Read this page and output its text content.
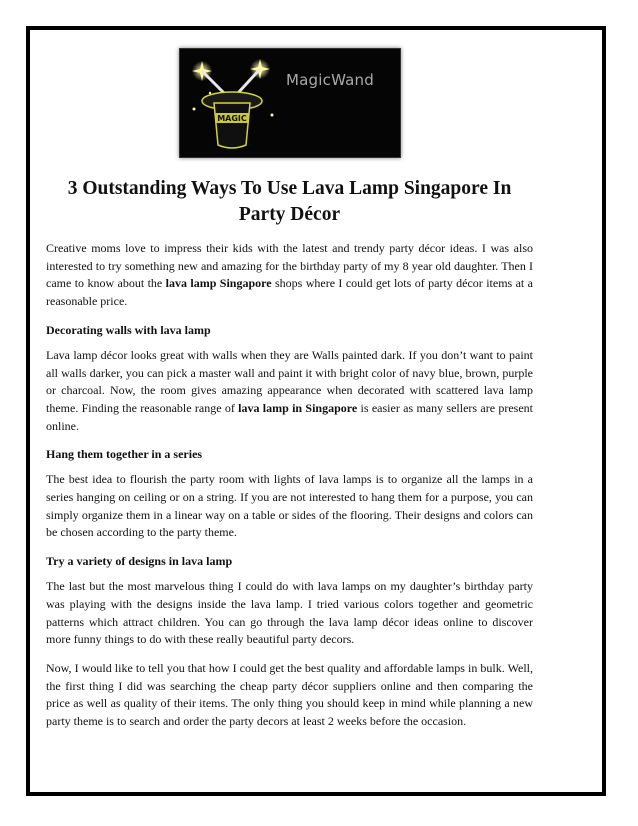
MAGIC
MagicWand
3 Outstanding Ways To Use Lava Lamp Singapore In Party Décor

Creative moms love to impress their kids with the latest and trendy party décor ideas. I was also interested to try something new and amazing for the birthday party of my 8 year old daughter. Then I came to know about the lava lamp Singapore shops where I could get lots of party décor items at a reasonable price.

Decorating walls with lava lamp

Lava lamp décor looks great with walls when they are Walls painted dark. If you don’t want to paint all walls darker, you can pick a master wall and paint it with bright color of navy blue, brown, purple or charcoal. Now, the room gives amazing appearance when decorated with scattered lava lamp theme. Finding the reasonable range of lava lamp in Singapore is easier as many sellers are present online.

Hang them together in a series

The best idea to flourish the party room with lights of lava lamps is to organize all the lamps in a series hanging on ceiling or on a string. If you are not interested to hang them for a purpose, you can simply organize them in a linear way on a table or sides of the flooring. Their designs and colors can be chosen according to the party theme.

Try a variety of designs in lava lamp

The last but the most marvelous thing I could do with lava lamps on my daughter’s birthday party was playing with the designs inside the lava lamp. I tried various colors together and geometric patterns which attract children. You can go through the lava lamp décor ideas online to discover more funny things to do with these really beautiful party decors.

Now, I would like to tell you that how I could get the best quality and affordable lamps in bulk. Well, the first thing I did was searching the cheap party décor suppliers online and then comparing the price as well as quality of their items. The only thing you should keep in mind while planning a new party theme is to search and order the party decors at least 2 weeks before the occasion.
